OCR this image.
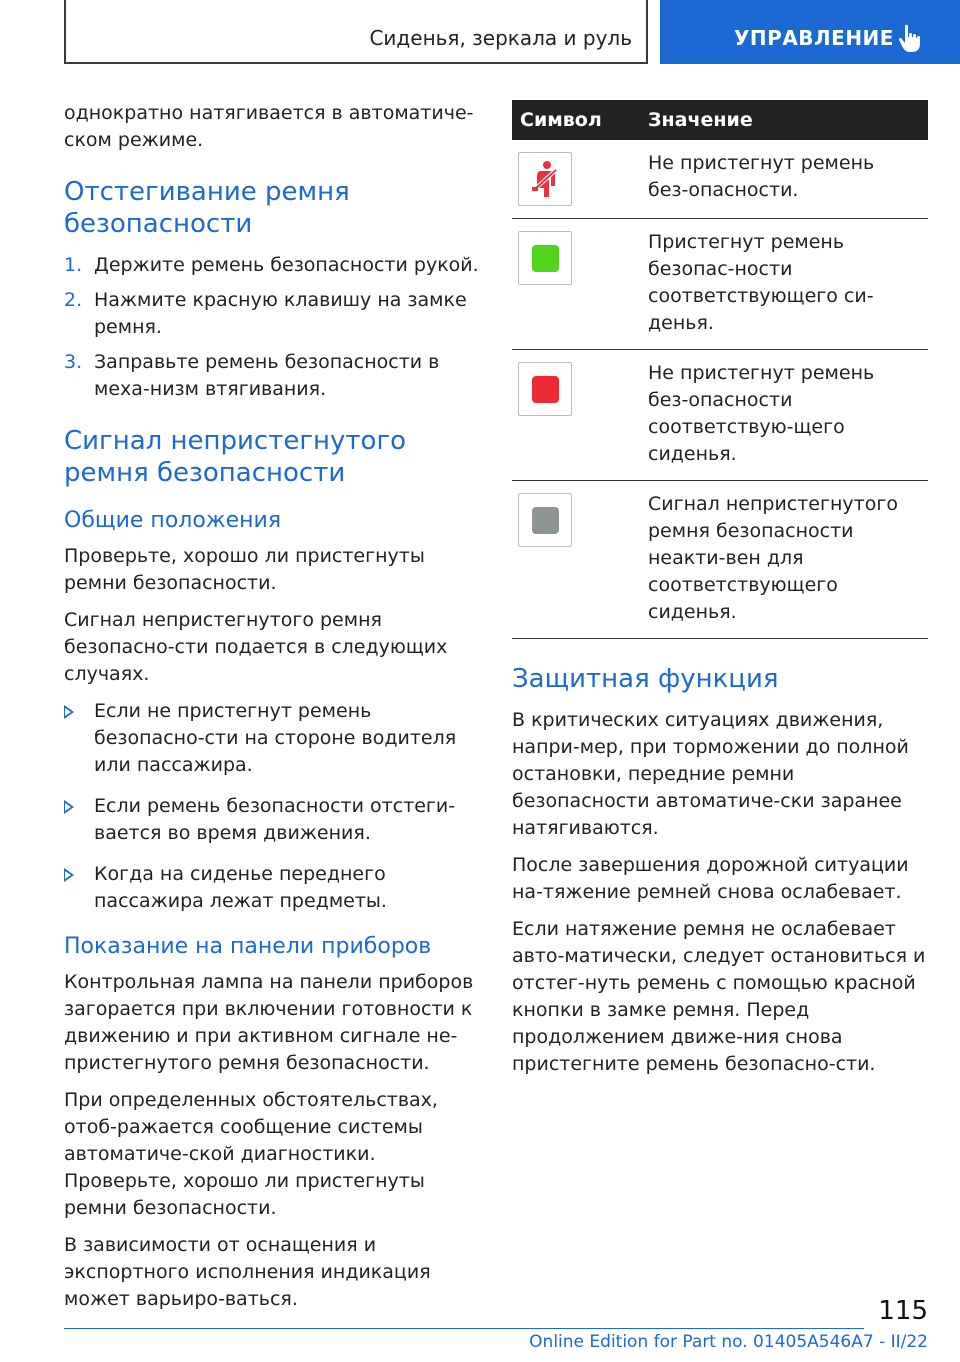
Сиденья, зеркала и руль	УПРАВЛЕНИЕ

однократно натягивается в автоматиче-ском режиме.

Отстегивание ремня безопасности
1. Держите ремень безопасности рукой.
2. Нажмите красную клавишу на замке ремня.
3. Заправьте ремень безопасности в меха-низм втягивания.
Сигнал непристегнутого ремня безопасности
Общие положения

Проверьте, хорошо ли пристегнуты ремни безопасности.

Сигнал непристегнутого ремня безопасно-сти подается в следующих случаях.

Если не пристегнут ремень безопасно-сти на стороне водителя или пассажира.
Если ремень безопасности отстеги-вается во время движения.
Когда на сиденье переднего пассажира лежат предметы.
Показание на панели приборов

Контрольная лампа на панели приборов загорается при включении готовности к движению и при активном сигнале не-пристегнутого ремня безопасности.

При определенных обстоятельствах, отоб-ражается сообщение системы автоматиче-ской диагностики. Проверьте, хорошо ли пристегнуты ремни безопасности.

В зависимости от оснащения и экспортного исполнения индикация может варьиро-ваться.

Символ	Значение

	Не пристегнут ремень без-опасности.

	Пристегнут ремень безопас-ности соответствующего си-денья.

	Не пристегнут ремень без-опасности соответствую-щего сиденья.

	Сигнал непристегнутого ремня безопасности неакти-вен для соответствующего сиденья.
Защитная функция

В критических ситуациях движения, напри-мер, при торможении до полной остановки, передние ремни безопасности автоматиче-ски заранее натягиваются.

После завершения дорожной ситуации на-тяжение ремней снова ослабевает.

Если натяжение ремня не ослабевает авто-матически, следует остановиться и отстег-нуть ремень с помощью красной кнопки в замке ремня. Перед продолжением движе-ния снова пристегните ремень безопасно-сти.

115
Online Edition for Part no. 01405A546A7 - II/22
